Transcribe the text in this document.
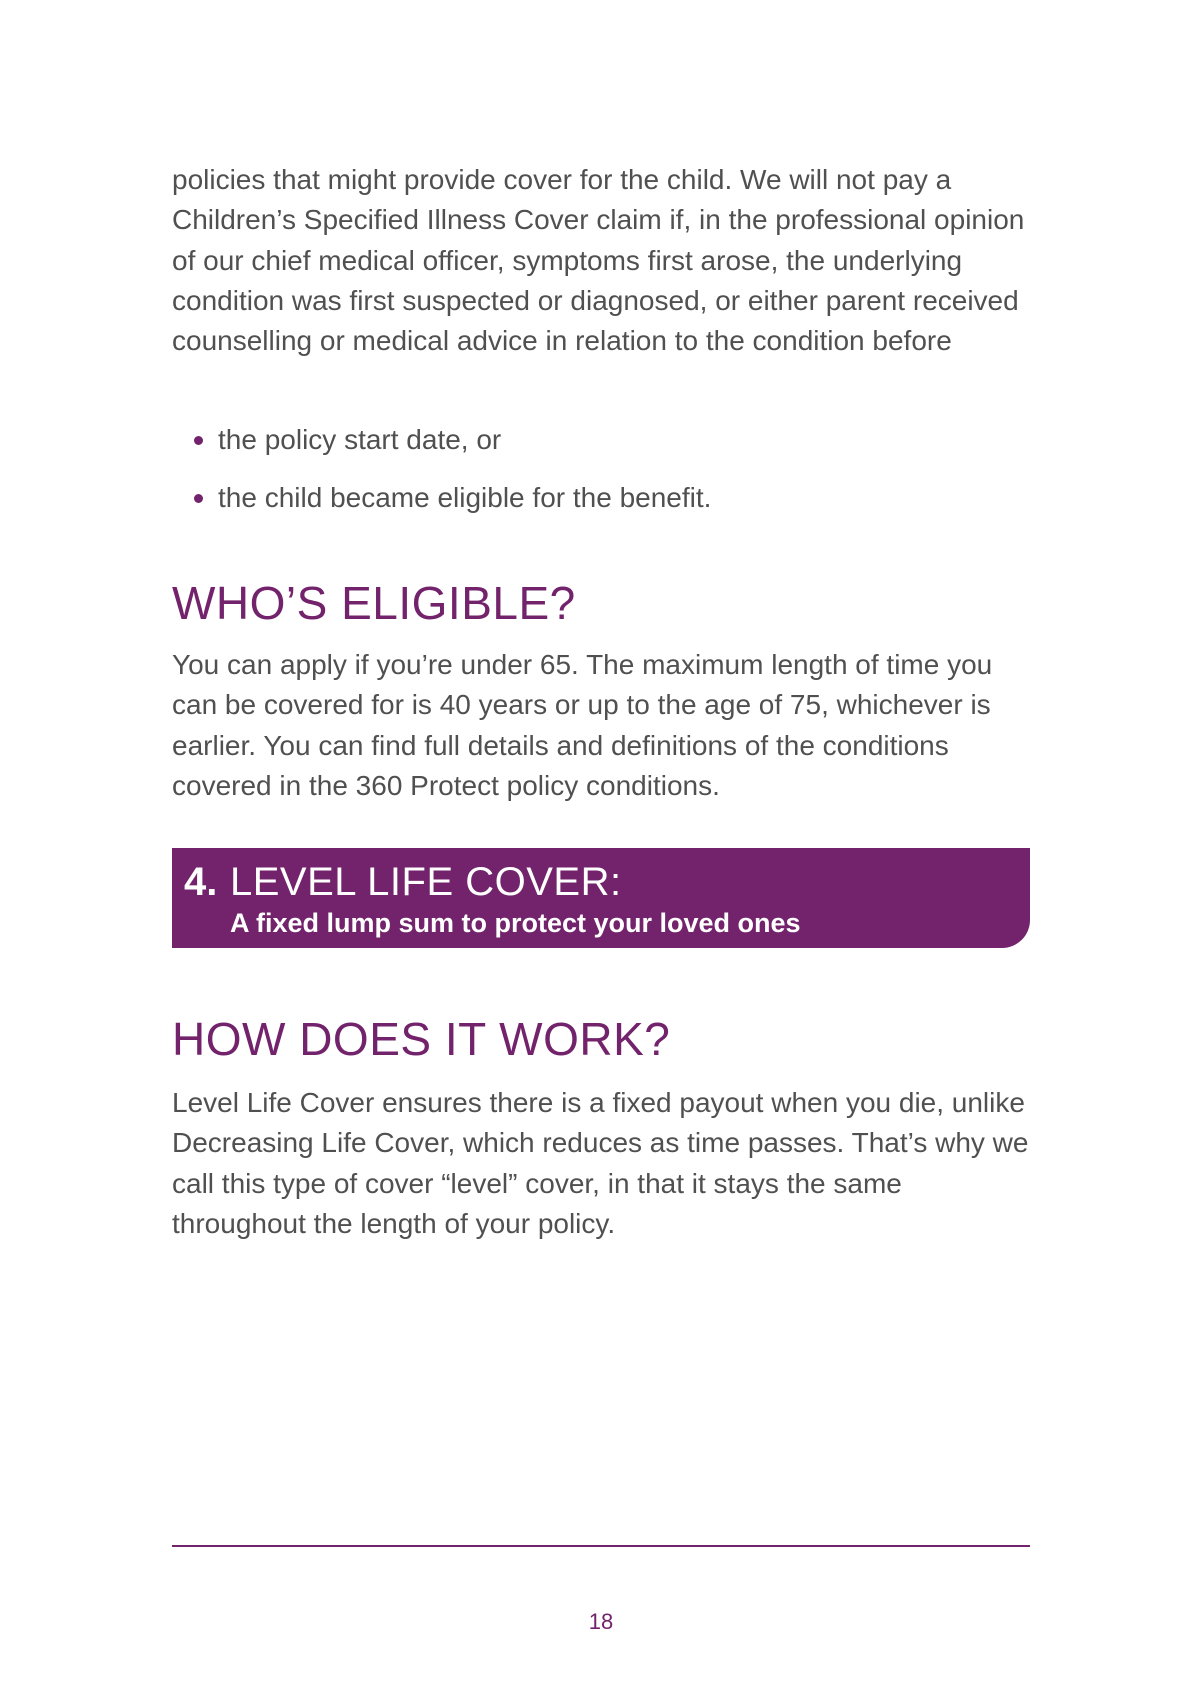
policies that might provide cover for the child. We will not pay a Children’s Specified Illness Cover claim if, in the professional opinion of our chief medical officer, symptoms first arose, the underlying condition was first suspected or diagnosed, or either parent received counselling or medical advice in relation to the condition before

the policy start date, or
the child became eligible for the benefit.
WHO’S ELIGIBLE?

You can apply if you’re under 65. The maximum length of time you can be covered for is 40 years or up to the age of 75, whichever is earlier. You can find full details and definitions of the conditions covered in the 360 Protect policy conditions.

4. LEVEL LIFE COVER:
A fixed lump sum to protect your loved ones
HOW DOES IT WORK?

Level Life Cover ensures there is a fixed payout when you die, unlike Decreasing Life Cover, which reduces as time passes. That’s why we call this type of cover “level” cover, in that it stays the same throughout the length of your policy.

18
